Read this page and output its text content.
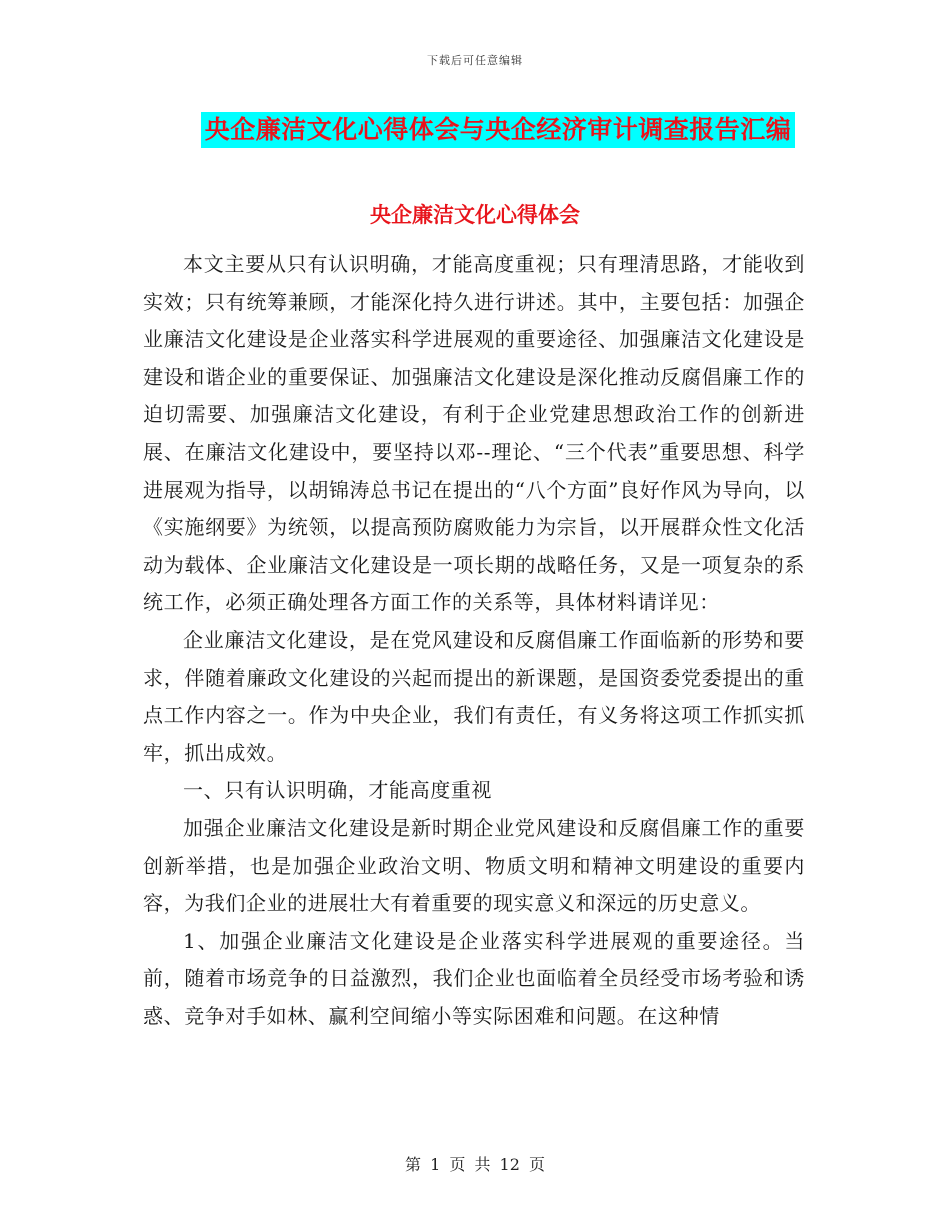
下载后可任意编辑
央企廉洁文化心得体会与央企经济审计调查报告汇编
央企廉洁文化心得体会

本文主要从只有认识明确，才能高度重视；只有理清思路，才能收到实效；只有统筹兼顾，才能深化持久进行讲述。其中，主要包括：加强企业廉洁文化建设是企业落实科学进展观的重要途径、加强廉洁文化建设是建设和谐企业的重要保证、加强廉洁文化建设是深化推动反腐倡廉工作的迫切需要、加强廉洁文化建设，有利于企业党建思想政治工作的创新进展、在廉洁文化建设中，要坚持以邓--理论、“三个代表”重要思想、科学进展观为指导，以胡锦涛总书记在提出的“八个方面”良好作风为导向，以《实施纲要》为统领，以提高预防腐败能力为宗旨，以开展群众性文化活动为载体、企业廉洁文化建设是一项长期的战略任务，又是一项复杂的系统工作，必须正确处理各方面工作的关系等，具体材料请详见：

企业廉洁文化建设，是在党风建设和反腐倡廉工作面临新的形势和要求，伴随着廉政文化建设的兴起而提出的新课题，是国资委党委提出的重点工作内容之一。作为中央企业，我们有责任，有义务将这项工作抓实抓牢，抓出成效。

一、只有认识明确，才能高度重视

加强企业廉洁文化建设是新时期企业党风建设和反腐倡廉工作的重要创新举措，也是加强企业政治文明、物质文明和精神文明建设的重要内容，为我们企业的进展壮大有着重要的现实意义和深远的历史意义。

1、加强企业廉洁文化建设是企业落实科学进展观的重要途径。当前，随着市场竞争的日益激烈，我们企业也面临着全员经受市场考验和诱惑、竞争对手如林、赢利空间缩小等实际困难和问题。在这种情

第 1 页 共 12 页
